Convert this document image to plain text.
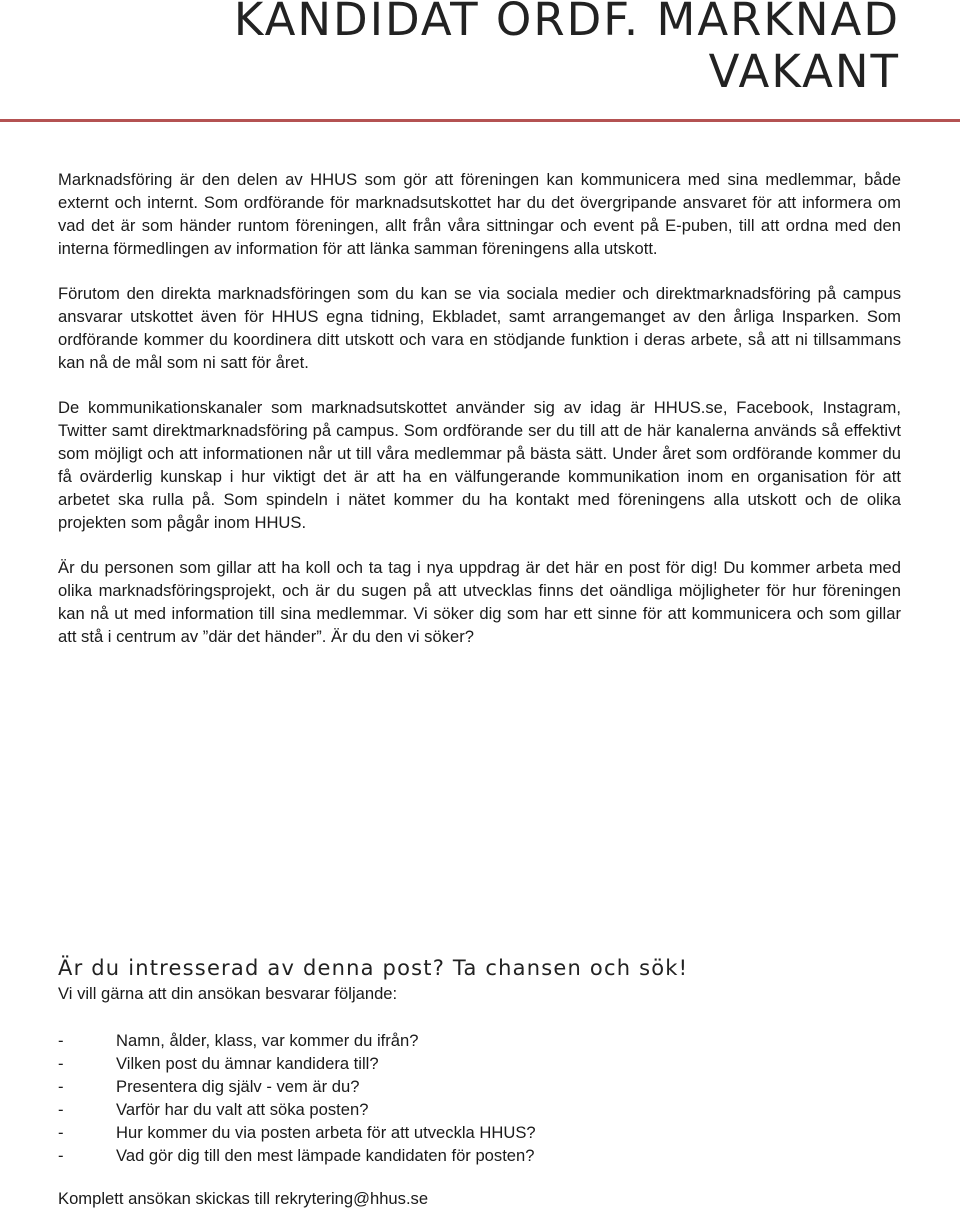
KANDIDAT ORDF. MARKNAD
VAKANT

Marknadsföring är den delen av HHUS som gör att föreningen kan kommunicera med sina medlemmar, både externt och internt. Som ordförande för marknadsutskottet har du det övergripande ansvaret för att informera om vad det är som händer runtom föreningen, allt från våra sittningar och event på E-puben, till att ordna med den interna förmedlingen av information för att länka samman föreningens alla utskott.

Förutom den direkta marknadsföringen som du kan se via sociala medier och direktmarknadsföring på campus ansvarar utskottet även för HHUS egna tidning, Ekbladet, samt arrangemanget av den årliga Insparken. Som ordförande kommer du koordinera ditt utskott och vara en stödjande funktion i deras arbete, så att ni tillsammans kan nå de mål som ni satt för året.

De kommunikationskanaler som marknadsutskottet använder sig av idag är HHUS.se, Facebook, Instagram, Twitter samt direktmarknadsföring på campus. Som ordförande ser du till att de här kanalerna används så effektivt som möjligt och att informationen når ut till våra medlemmar på bästa sätt. Under året som ordförande kommer du få ovärderlig kunskap i hur viktigt det är att ha en välfungerande kommunikation inom en organisation för att arbetet ska rulla på. Som spindeln i nätet kommer du ha kontakt med föreningens alla utskott och de olika projekten som pågår inom HHUS.

Är du personen som gillar att ha koll och ta tag i nya uppdrag är det här en post för dig! Du kommer arbeta med olika marknadsföringsprojekt, och är du sugen på att utvecklas finns det oändliga möjligheter för hur föreningen kan nå ut med information till sina medlemmar. Vi söker dig som har ett sinne för att kommunicera och som gillar att stå i centrum av ”där det händer”. Är du den vi söker?

Är du intresserad av denna post? Ta chansen och sök!

Vi vill gärna att din ansökan besvarar följande:

-	Namn, ålder, klass, var kommer du ifrån?
-	Vilken post du ämnar kandidera till?
-	Presentera dig själv - vem är du?
-	Varför har du valt att söka posten?
-	Hur kommer du via posten arbeta för att utveckla HHUS?
-	Vad gör dig till den mest lämpade kandidaten för posten?

Komplett ansökan skickas till rekrytering@hhus.se
